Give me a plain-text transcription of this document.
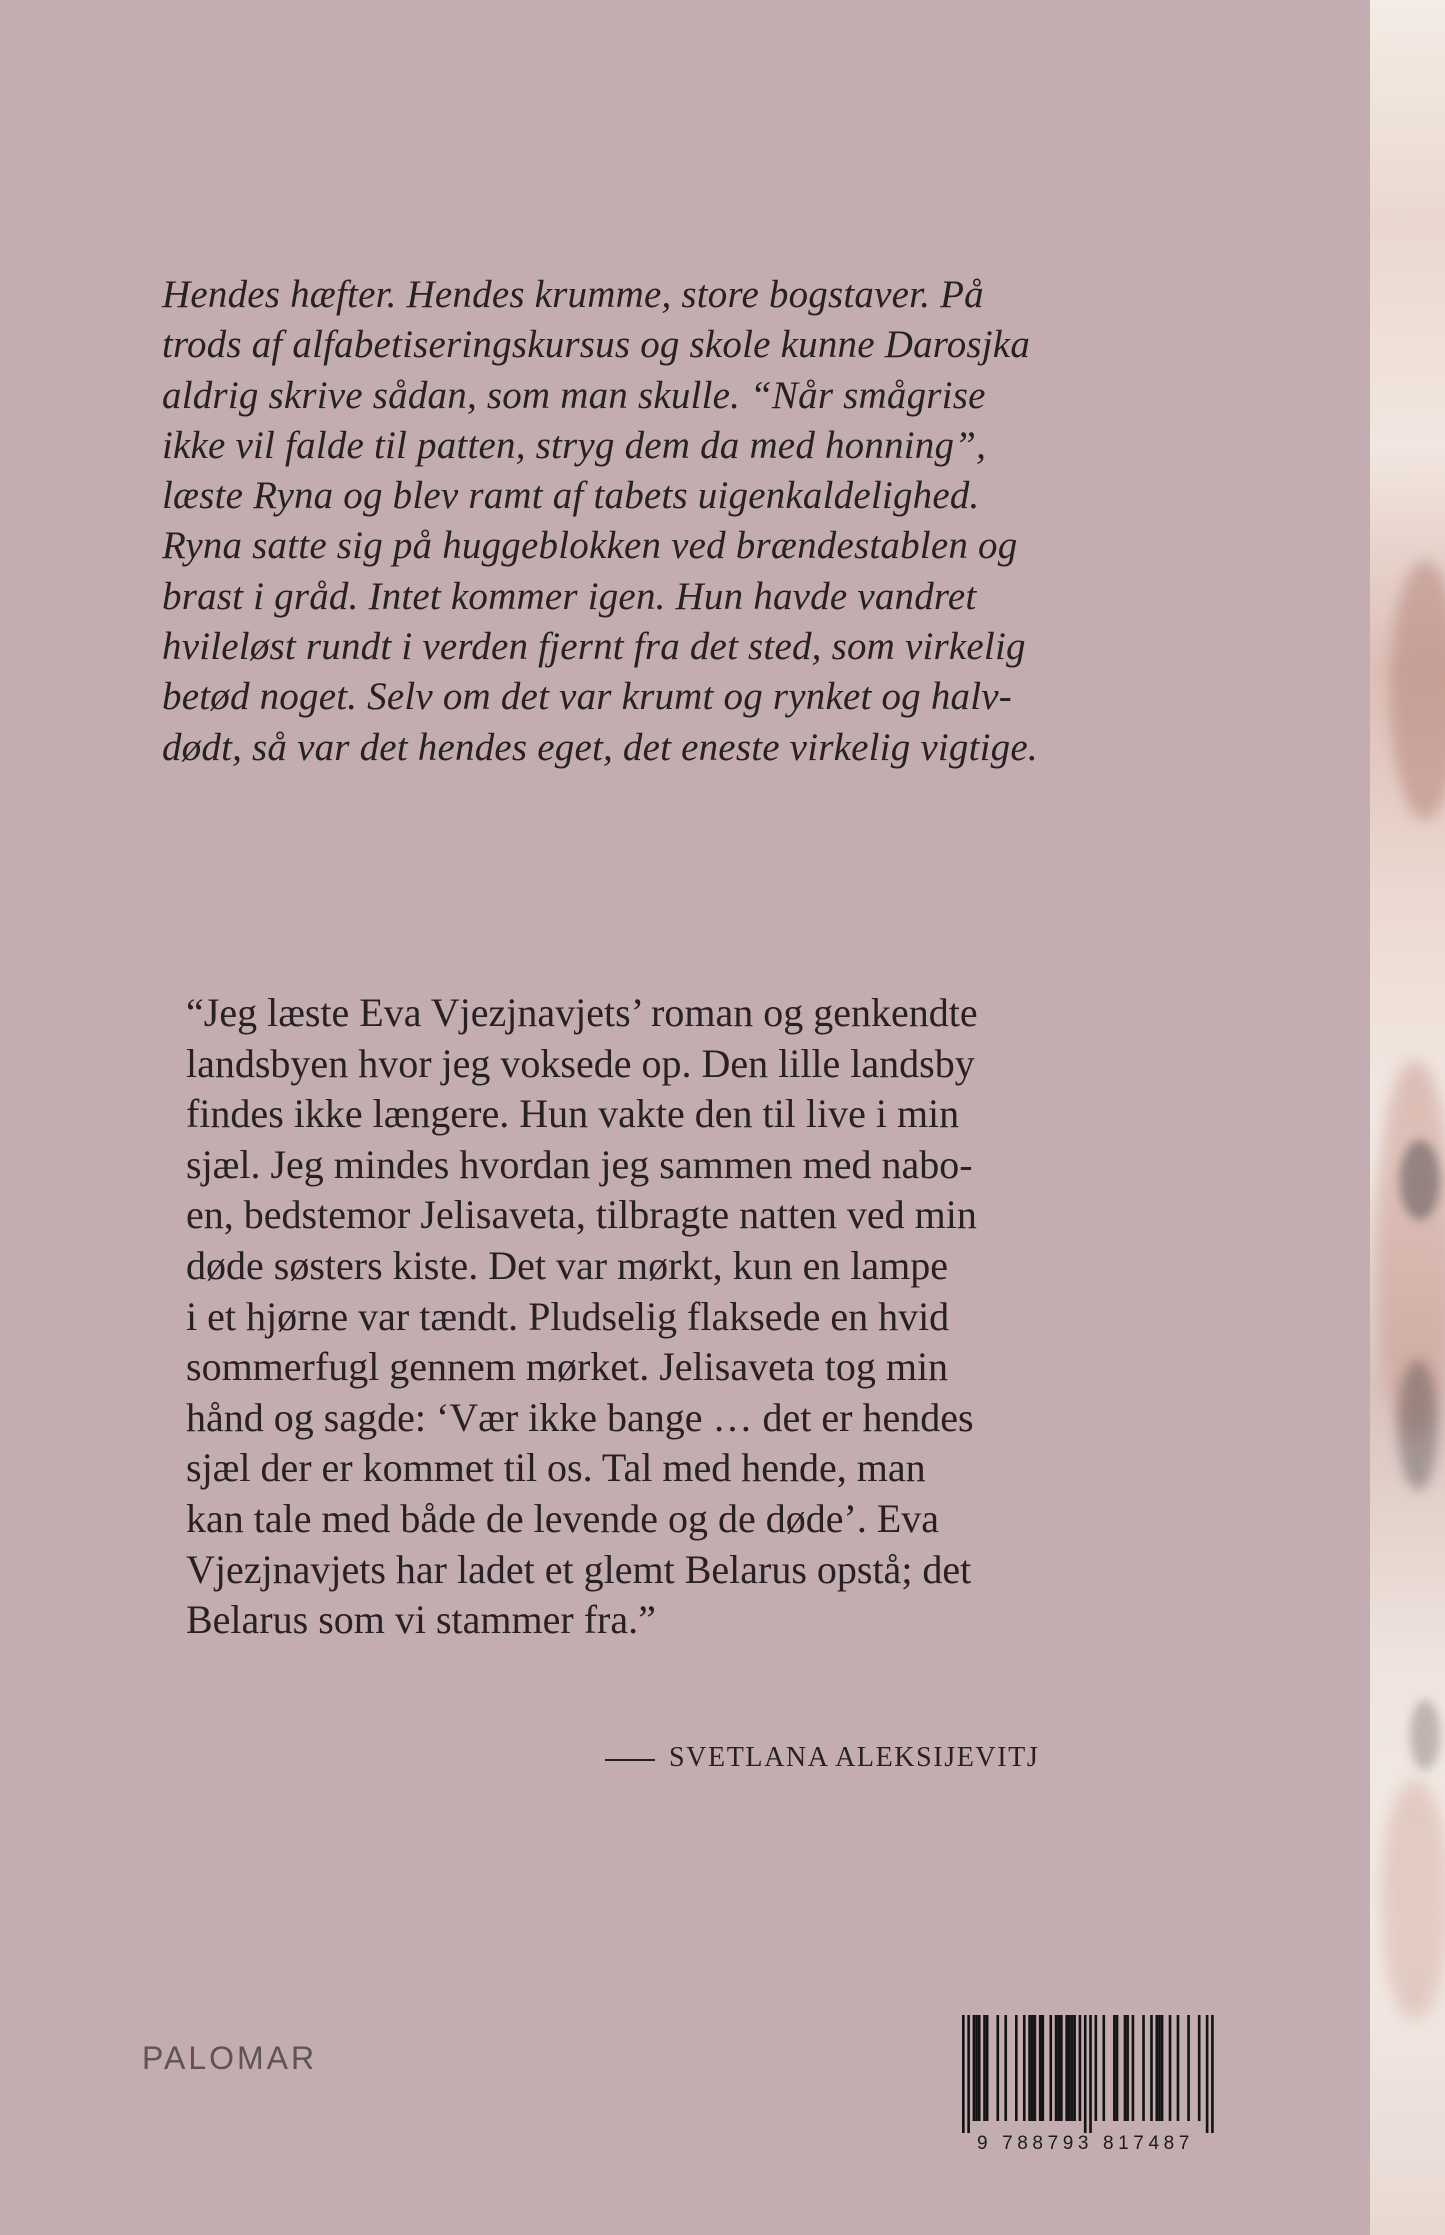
Hendes hæfter. Hendes krumme, store bogstaver. På
trods af alfabetiseringskursus og skole kunne Darosjka
aldrig skrive sådan, som man skulle. “Når smågrise
ikke vil falde til patten, stryg dem da med honning”,
læste Ryna og blev ramt af tabets uigenkaldelighed.
Ryna satte sig på huggeblokken ved brændestablen og
brast i gråd. Intet kommer igen. Hun havde vandret
hvileløst rundt i verden fjernt fra det sted, som virkelig
betød noget. Selv om det var krumt og rynket og halv-
dødt, så var det hendes eget, det eneste virkelig vigtige.
“Jeg læste Eva Vjezjnavjets’ roman og genkendte
landsbyen hvor jeg voksede op. Den lille landsby
findes ikke længere. Hun vakte den til live i min
sjæl. Jeg mindes hvordan jeg sammen med nabo-
en, bedstemor Jelisaveta, tilbragte natten ved min
døde søsters kiste. Det var mørkt, kun en lampe
i et hjørne var tændt. Pludselig flaksede en hvid
sommerfugl gennem mørket. Jelisaveta tog min
hånd og sagde: ‘Vær ikke bange … det er hendes
sjæl der er kommet til os. Tal med hende, man
kan tale med både de levende og de døde’. Eva
Vjezjnavjets har ladet et glemt Belarus opstå; det
Belarus som vi stammer fra.”
SVETLANA ALEKSIJEVITJ
PALOMAR
9 788793 817487
